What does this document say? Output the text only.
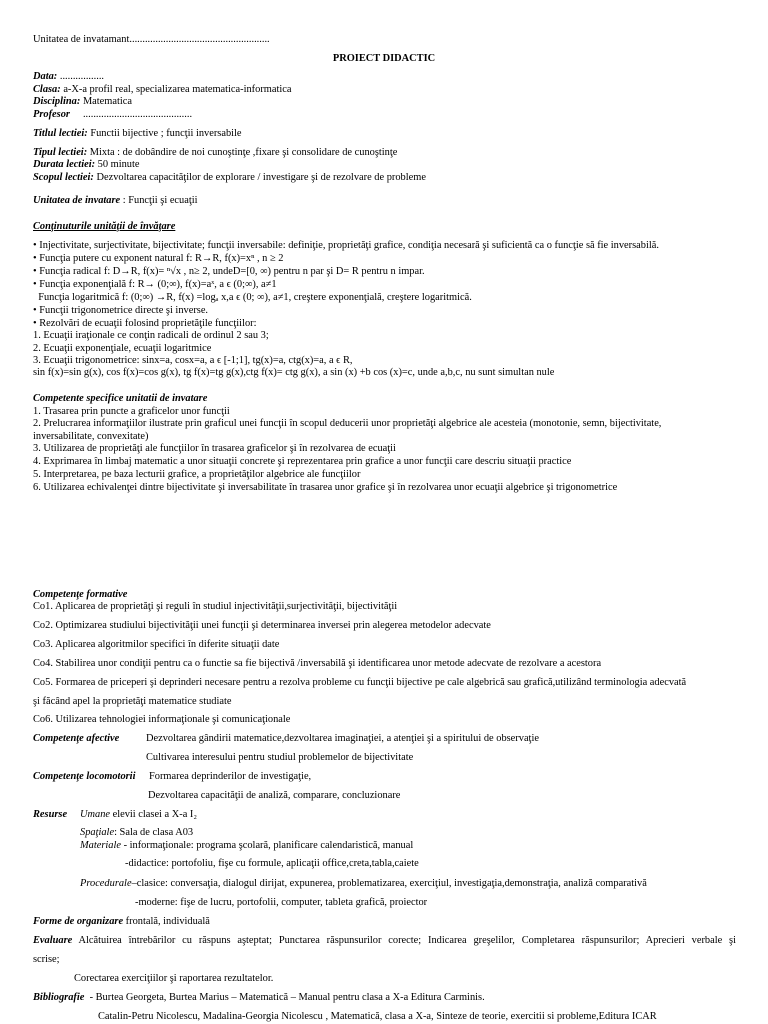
Unitatea de invatamant......................................................
PROIECT DIDACTIC
Data: .................
Clasa: a-X-a profil real, specializarea matematica-informatica
Disciplina: Matematica
Profesor     ..........................................
Titlul lectiei: Functii bijective ; funcţii inversabile
Tipul lectiei: Mixta : de dobândire de noi cunoştinţe ,fixare şi consolidare de cunoştinţe
Durata lectiei: 50 minute
Scopul lectiei: Dezvoltarea capacităţilor de explorare / investigare şi de rezolvare de probleme
Unitatea de invatare : Funcţii şi ecuaţii
Conţinuturile unităţii de învăţare
• Injectivitate, surjectivitate, bijectivitate; funcţii inversabile: definiţie, proprietăţi grafice, condiţia necesară şi suficientă ca o funcţie să fie inversabilă.
• Funcţia putere cu exponent natural f: R→R, f(x)=xⁿ , n ≥ 2
• Funcţia radical f: D→R, f(x)= ⁿ√x , n≥ 2, undeD=[0, ∞) pentru n par şi D= R pentru n impar.
• Funcţia exponenţială f: R→ (0;∞), f(x)=aˣ, a ϵ (0;∞), a≠1
Funcţia logaritmică f: (0;∞) →R, f(x) =logₐ x,a ϵ (0; ∞), a≠1, creştere exponenţială, creştere logaritmică.
• Funcţii trigonometrice directe şi inverse.
• Rezolvări de ecuaţii folosind proprietăţile funcţiilor:
1. Ecuaţii iraţionale ce conţin radicali de ordinul 2 sau 3;
2. Ecuaţii exponenţiale, ecuaţii logaritmice
3. Ecuaţii trigonometrice: sinx=a, cosx=a, a ϵ [-1;1], tg(x)=a, ctg(x)=a, a ϵ R,
sin f(x)=sin g(x), cos f(x)=cos g(x), tg f(x)=tg g(x),ctg f(x)= ctg g(x), a sin (x) +b cos (x)=c, unde a,b,c, nu sunt simultan nule
Competente specifice unitatii de invatare
1. Trasarea prin puncte a graficelor unor funcţii
2. Prelucrarea informaţiilor ilustrate prin graficul unei funcţii în scopul deducerii unor proprietăţi algebrice ale acesteia (monotonie, semn, bijectivitate,
inversabilitate, convexitate)
3. Utilizarea de proprietăţi ale funcţiilor în trasarea graficelor şi în rezolvarea de ecuaţii
4. Exprimarea în limbaj matematic a unor situaţii concrete şi reprezentarea prin grafice a unor funcţii care descriu situaţii practice
5. Interpretarea, pe baza lecturii grafice, a proprietăţilor algebrice ale funcţiilor
6. Utilizarea echivalenţei dintre bijectivitate şi inversabilitate în trasarea unor grafice şi în rezolvarea unor ecuaţii algebrice şi trigonometrice
Competenţe formative
Co1. Aplicarea de proprietăţi şi reguli în studiul injectivităţii,surjectivităţii, bijectivităţii
Co2. Optimizarea studiului bijectivităţii unei funcţii şi determinarea inversei prin alegerea metodelor adecvate
Co3. Aplicarea algoritmilor specifici în diferite situaţii date
Co4. Stabilirea unor condiţii pentru ca o functie sa fie bijectivă /inversabilă şi identificarea unor metode adecvate de rezolvare a acestora
Co5. Formarea de priceperi şi deprinderi necesare pentru a rezolva probleme cu funcţii bijective pe cale algebrică sau grafică,utilizând terminologia adecvată
şi făcând apel la proprietăţi matematice studiate
Co6. Utilizarea tehnologiei informaţionale şi comunicaţionale
Competenţe afective	Dezvoltarea gândirii matematice,dezvoltarea imaginaţiei, a atenţiei şi a spiritului de observaţie
Cultivarea interesului pentru studiul problemelor de bijectivitate
Competenţe locomotorii Formarea deprinderilor de investigaţie,
Dezvoltarea capacităţii de analiză, comparare, concluzionare
Resurse Umane elevii clasei a X-a I₂
Spaţiale: Sala de clasa A03
Materiale - informaţionale: programa şcolară, planificare calendaristică, manual
-didactice: portofoliu, fişe cu formule, aplicaţii office,creta,tabla,caiete
Procedurale–clasice: conversaţia, dialogul dirijat, expunerea, problematizarea, exerciţiul, investigaţia,demonstraţia, analiză comparativă
-moderne: fişe de lucru, portofolii, computer, tableta grafică, proiector
Forme de organizare frontală, individuală
Evaluare Alcătuirea întrebărilor cu răspuns aşteptat; Punctarea răspunsurilor corecte; Indicarea greşelilor, Completarea răspunsurilor; Aprecieri verbale şi
scrise;
Corectarea exerciţiilor şi raportarea rezultatelor.
Bibliografie  - Burtea Georgeta, Burtea Marius – Matematică – Manual pentru clasa a X-a Editura Carminis.
Catalin-Petru Nicolescu, Madalina-Georgia Nicolescu , Matematică, clasa a X-a, Sinteze de teorie, exercitii si probleme,Editura ICAR
